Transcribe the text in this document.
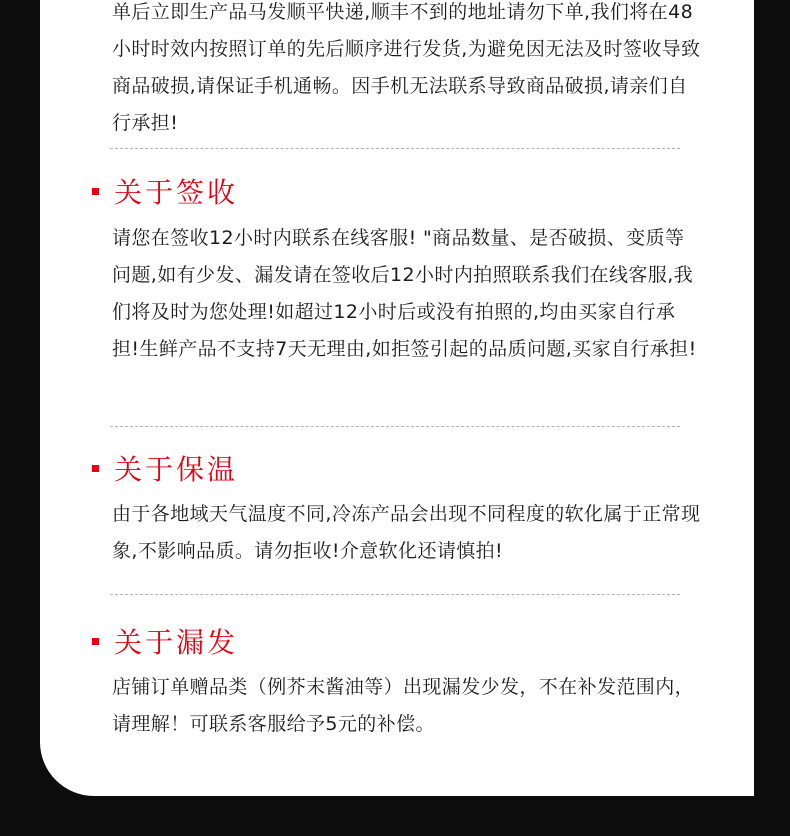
单后立即生产品马发顺平快递,顺丰不到的地址请勿下单,我们将在48小时时效内按照订单的先后顺序进行发货,为避免因无法及时签收导致商品破损,请保证手机通畅。因手机无法联系导致商品破损,请亲们自行承担!

关于签收

请您在签收12小时内联系在线客服! "商品数量、是否破损、变质等问题,如有少发、漏发请在签收后12小时内拍照联系我们在线客服,我们将及时为您处理!如超过12小时后或没有拍照的,均由买家自行承担!生鲜产品不支持7天无理由,如拒签引起的品质问题,买家自行承担!

关于保温

由于各地域天气温度不同,冷冻产品会出现不同程度的软化属于正常现象,不影响品质。请勿拒收!介意软化还请慎拍!

关于漏发

店铺订单赠品类（例芥末酱油等）出现漏发少发，不在补发范围内，请理解！可联系客服给予5元的补偿。
